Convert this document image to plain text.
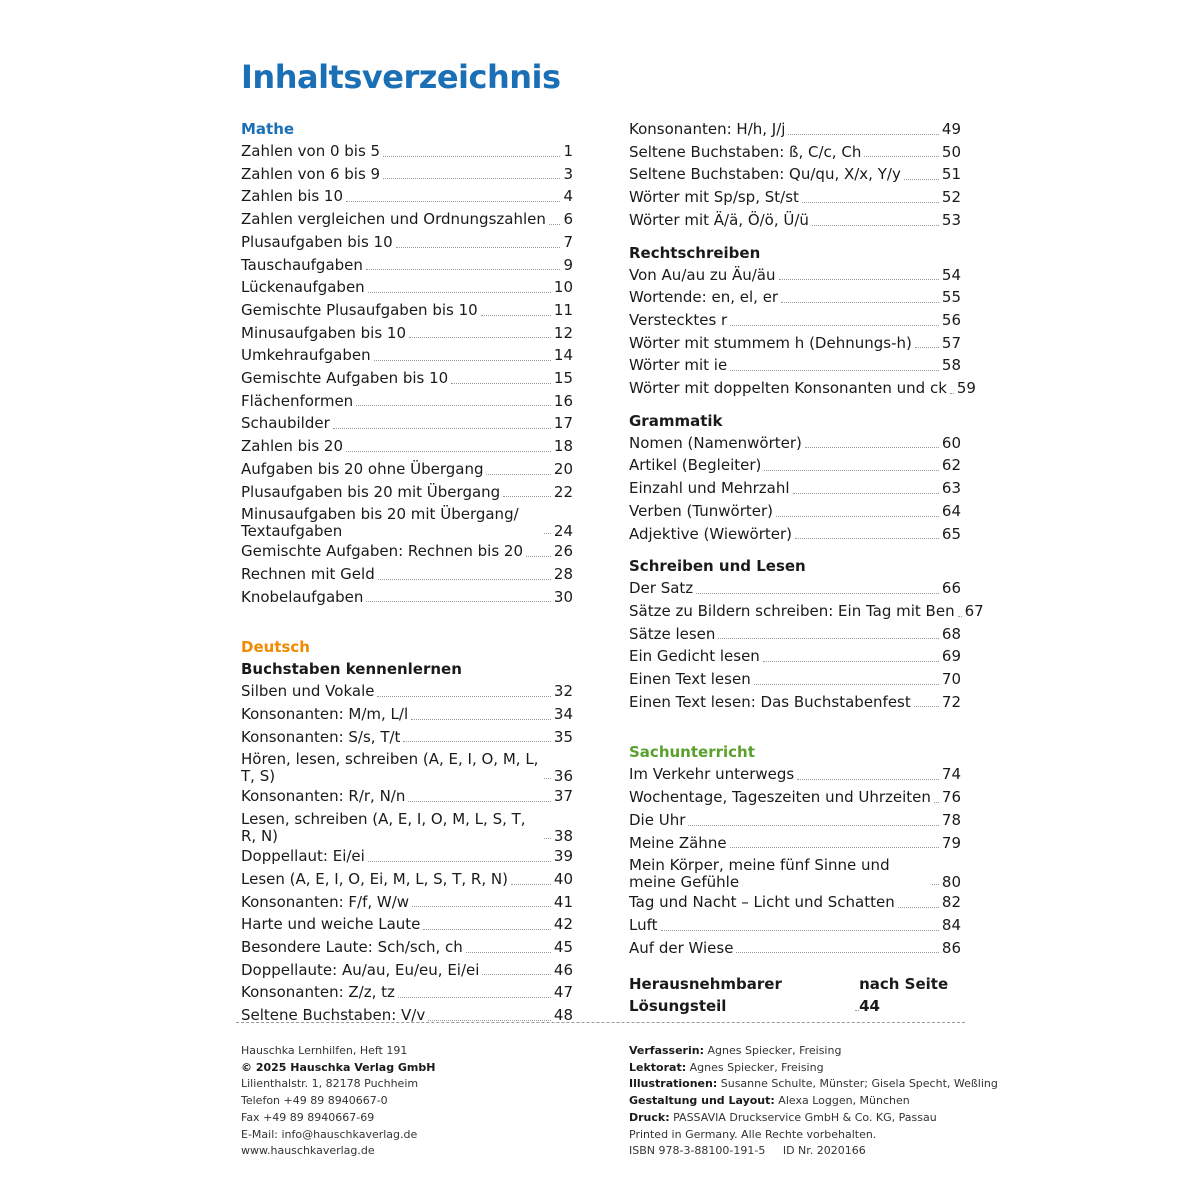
Inhaltsverzeichnis
Mathe
Zahlen von 0 bis 5	1
Zahlen von 6 bis 9	3
Zahlen bis 10	4
Zahlen vergleichen und Ordnungszahlen 6
Plusaufgaben bis 10	7
Tauschaufgaben	9
Lückenaufgaben	10
Gemischte Plusaufgaben bis 10	11
Minusaufgaben bis 10	12
Umkehraufgaben	14
Gemischte Aufgaben bis 10	15
Flächenformen	16
Schaubilder	17
Zahlen bis 20	18
Aufgaben bis 20 ohne Übergang	20
Plusaufgaben bis 20 mit Übergang	22
Minusaufgaben bis 20 mit Übergang/ Textaufgaben	24
Gemischte Aufgaben: Rechnen bis 20 26
Rechnen mit Geld	28
Knobelaufgaben	30
Deutsch
Buchstaben kennenlernen
Silben und Vokale	32
Konsonanten: M/m, L/l	34
Konsonanten: S/s, T/t	35
Hören, lesen, schreiben (A, E, I, O, M, L, T, S)	36
Konsonanten: R/r, N/n	37
Lesen, schreiben (A, E, I, O, M, L, S, T, R, N)	38
Doppellaut: Ei/ei	39
Lesen (A, E, I, O, Ei, M, L, S, T, R, N)	40
Konsonanten: F/f, W/w	41
Harte und weiche Laute	42
Besondere Laute: Sch/sch, ch	45
Doppellaute: Au/au, Eu/eu, Ei/ei	46
Konsonanten: Z/z, tz	47
Seltene Buchstaben: V/v	48
Konsonanten: H/h, J/j	49
Seltene Buchstaben: ß, C/c, Ch	50
Seltene Buchstaben: Qu/qu, X/x, Y/y	51
Wörter mit Sp/sp, St/st	52
Wörter mit Ä/ä, Ö/ö, Ü/ü	53
Rechtschreiben
Von Au/au zu Äu/äu	54
Wortende: en, el, er	55
Verstecktes r	56
Wörter mit stummem h (Dehnungs-h) 57
Wörter mit ie	58
Wörter mit doppelten Konsonanten und ck 59
Grammatik
Nomen (Namenwörter)	60
Artikel (Begleiter)	62
Einzahl und Mehrzahl	63
Verben (Tunwörter)	64
Adjektive (Wiewörter)	65
Schreiben und Lesen
Der Satz	66
Sätze zu Bildern schreiben: Ein Tag mit Ben 67
Sätze lesen	68
Ein Gedicht lesen	69
Einen Text lesen	70
Einen Text lesen: Das Buchstabenfest 72
Sachunterricht
Im Verkehr unterwegs	74
Wochentage, Tageszeiten und Uhrzeiten 76
Die Uhr	78
Meine Zähne	79
Mein Körper, meine fünf Sinne und meine Gefühle	80
Tag und Nacht – Licht und Schatten	82
Luft	84
Auf der Wiese	86
Herausnehmbarer Lösungsteil
nach Seite 44
Hauschka Lernhilfen, Heft 191
© 2025 Hauschka Verlag GmbH
Lilienthalstr. 1, 82178 Puchheim
Telefon +49 89 8940667-0
Fax +49 89 8940667-69
E-Mail: info@hauschkaverlag.de
www.hauschkaverlag.de
Verfasserin: Agnes Spiecker, Freising
Lektorat: Agnes Spiecker, Freising
Illustrationen: Susanne Schulte, Münster; Gisela Specht, Weßling
Gestaltung und Layout: Alexa Loggen, München
Druck: PASSAVIA Druckservice GmbH & Co. KG, Passau
Printed in Germany. Alle Rechte vorbehalten.
ISBN 978-3-88100-191-5     ID Nr. 2020166
